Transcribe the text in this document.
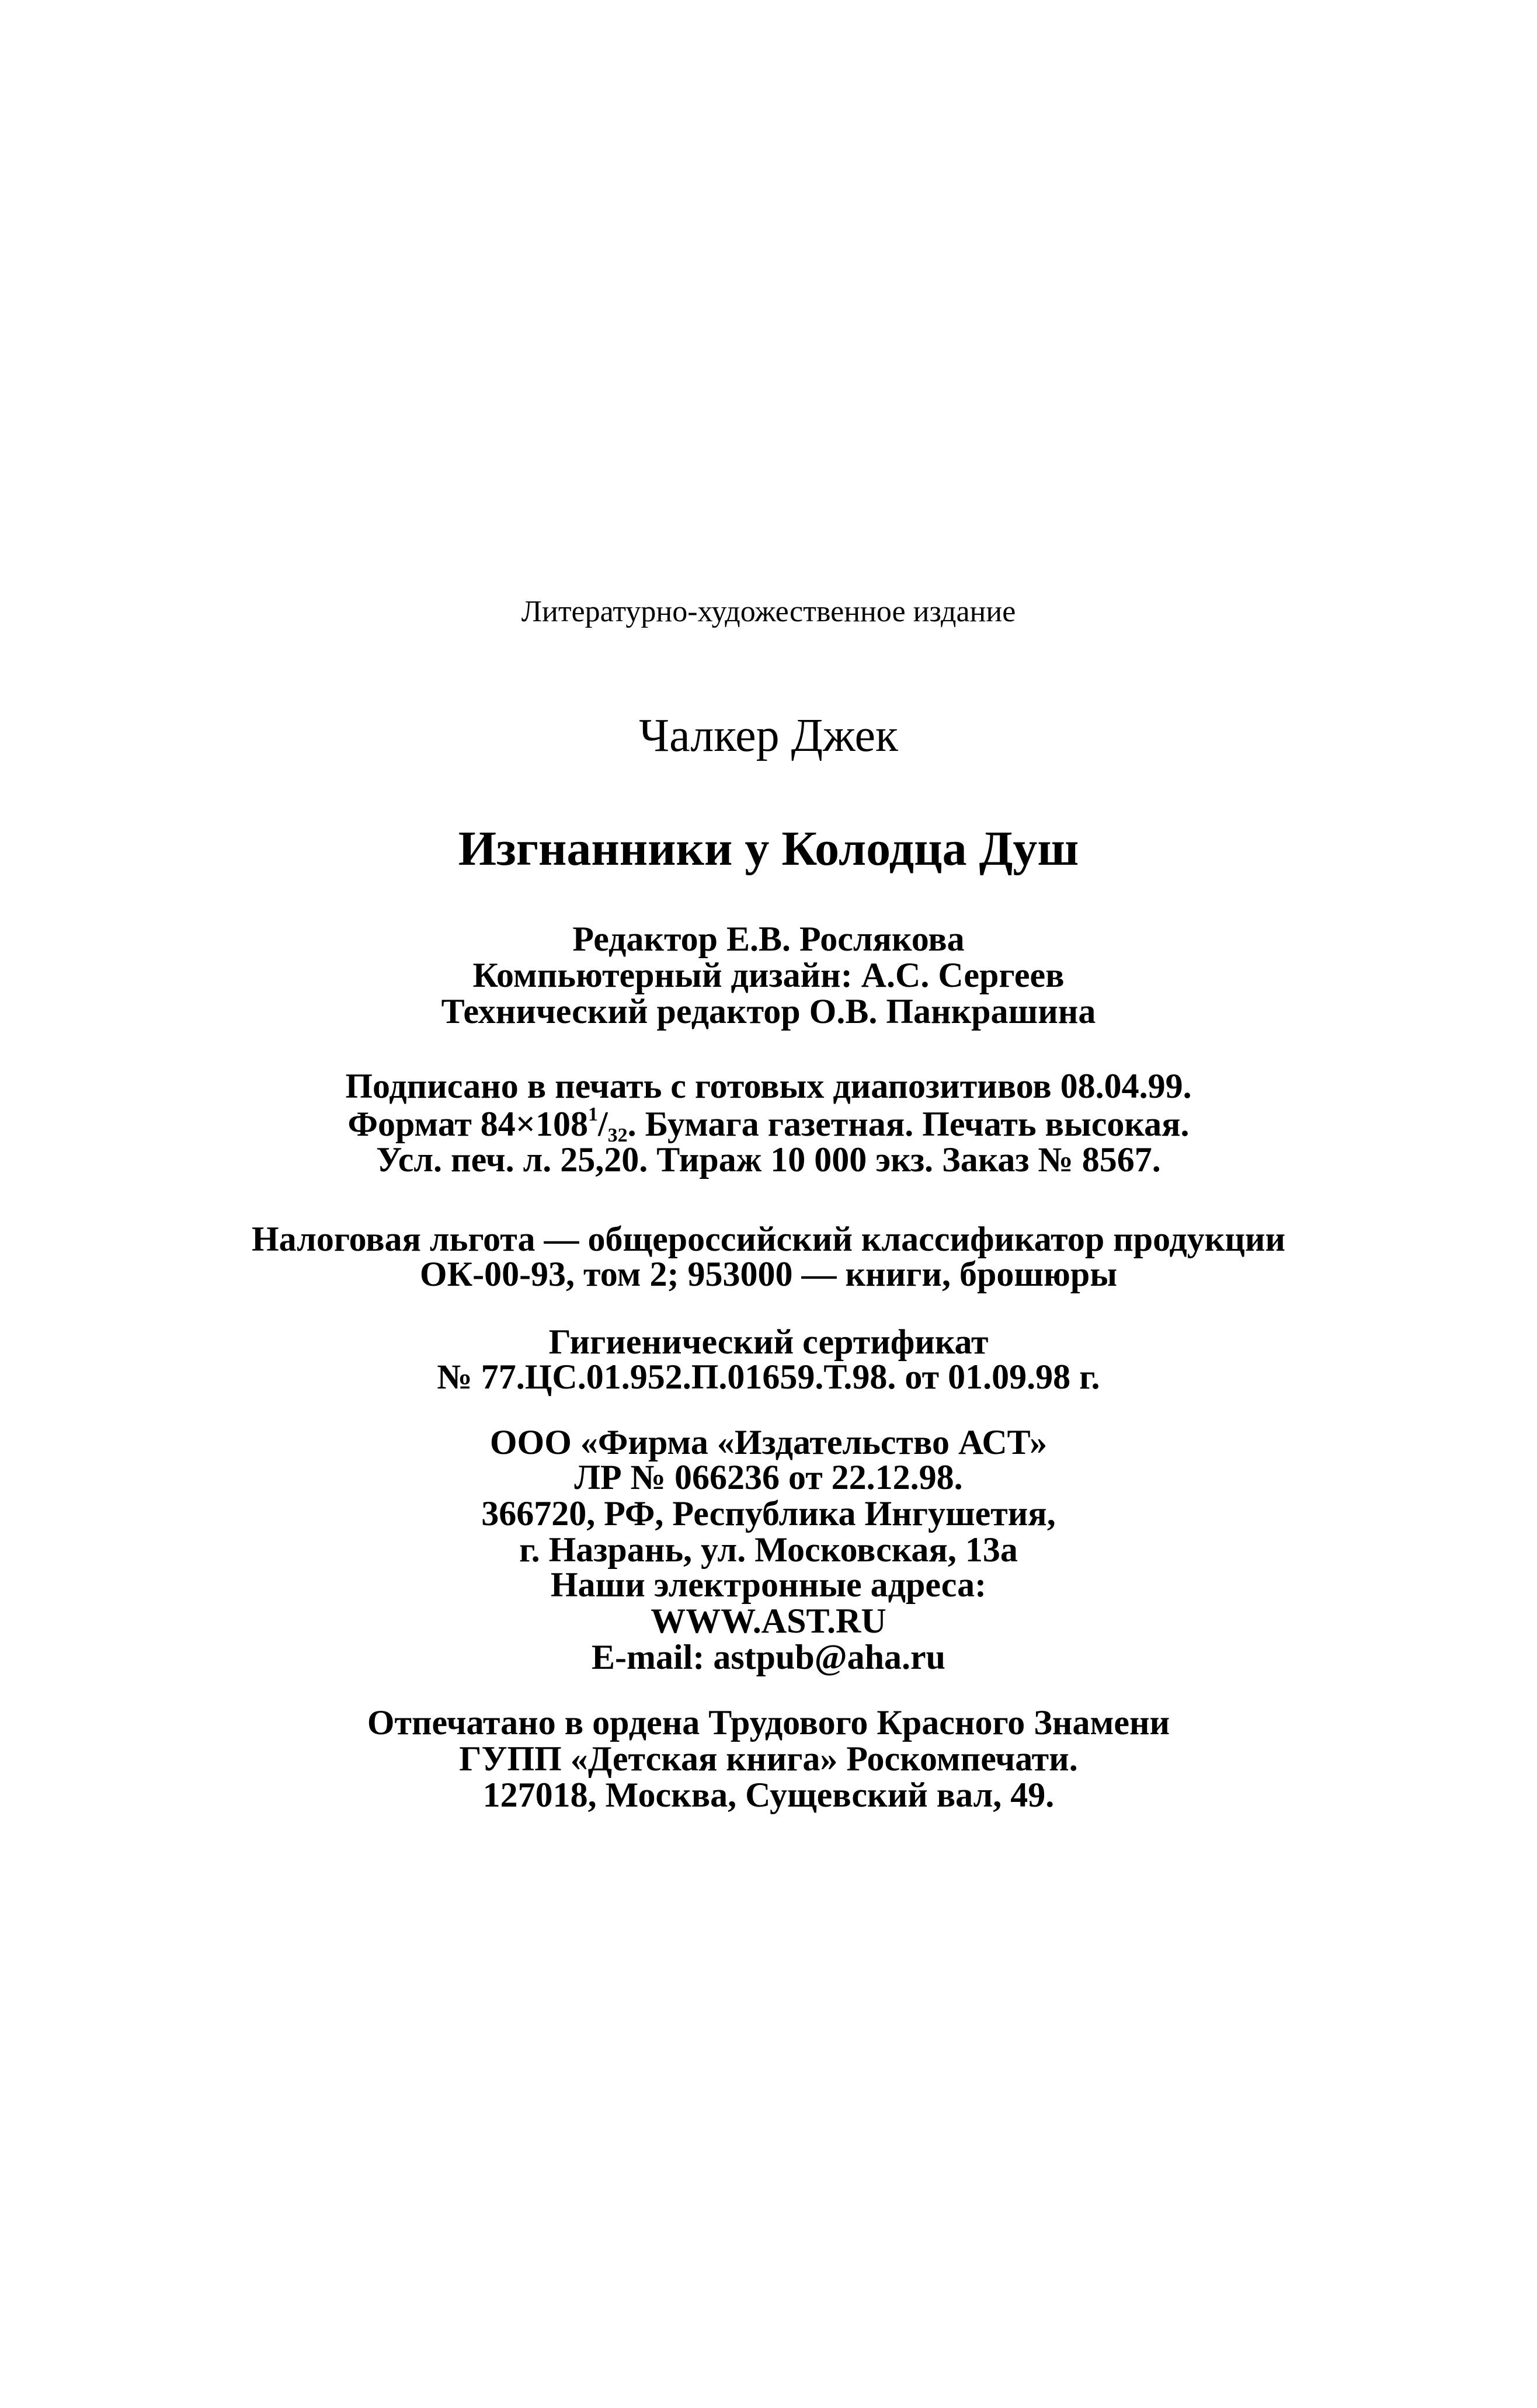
Литературно-художественное издание
Чалкер Джек
Изгнанники у Колодца Душ
Редактор Е.В. Рослякова
Компьютерный дизайн: А.С. Сергеев
Технический редактор О.В. Панкрашина
Подписано в печать с готовых диапозитивов 08.04.99.
Формат $84\times 108^1/_{32}$. Бумага газетная. Печать высокая.
Усл. печ. л. 25,20. Тираж 10 000 экз. Заказ № 8567.
Налоговая льгота — общероссийский классификатор продукции
ОК-00-93, том 2; 953000 — книги, брошюры
Гигиенический сертификат
№ 77.ЦС.01.952.П.01659.Т.98. от 01.09.98 г.
ООО «Фирма «Издательство АСТ»
ЛР № 066236 от 22.12.98.
366720, РФ, Республика Ингушетия,
г. Назрань, ул. Московская, 13а
Наши электронные адреса:
WWW.AST.RU
E-mail: astpub@aha.ru
Отпечатано в ордена Трудового Красного Знамени
ГУПП «Детская книга» Роскомпечати.
127018, Москва, Сущевский вал, 49.
